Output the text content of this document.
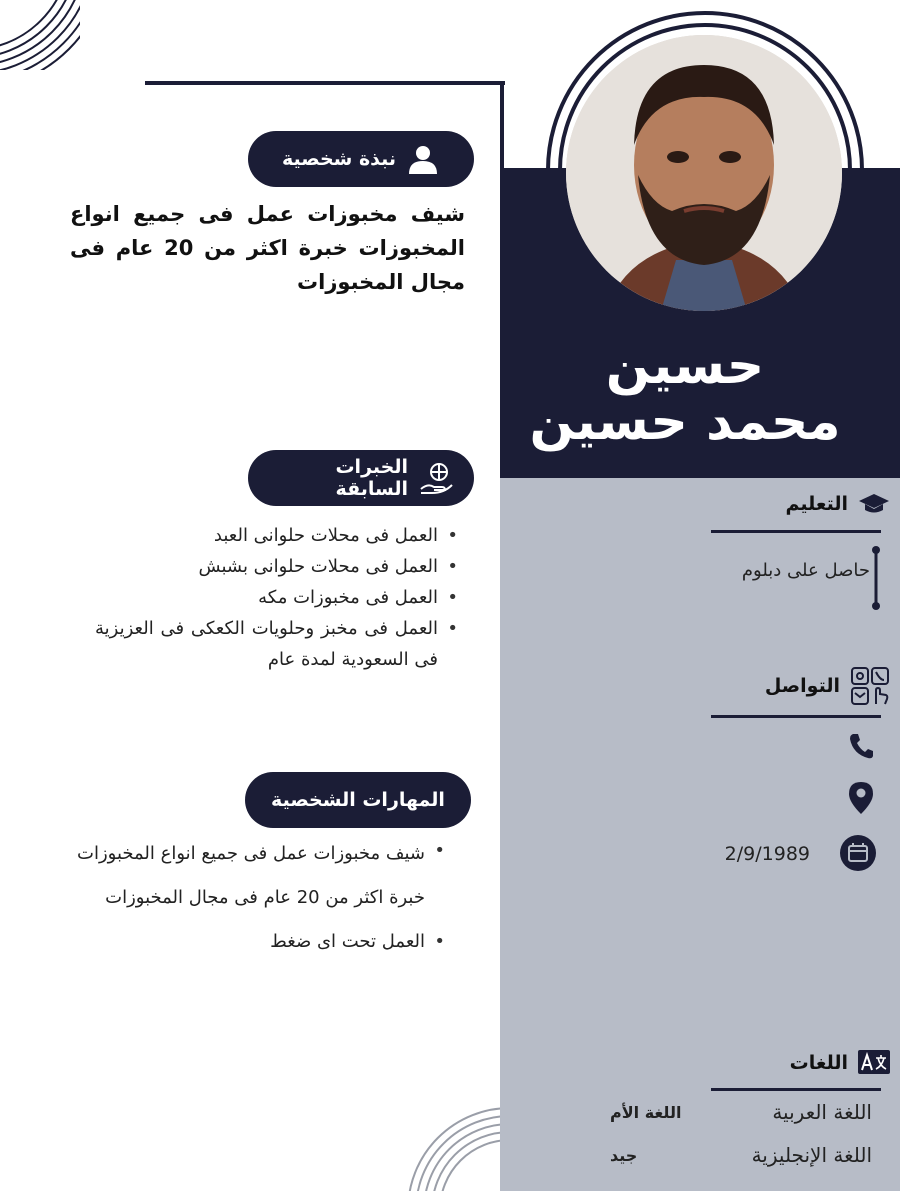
حسين
محمد حسين
نبذة شخصية
شيف مخبوزات عمل فى جميع انواع المخبوزات خبرة اكثر من 20 عام فى مجال المخبوزات
الخبرات السابقة
• العمل فى محلات حلوانى العبد
• العمل فى محلات حلوانى بشبش
• العمل فى مخبوزات مكه
• العمل فى مخبز وحلويات الكعكى فى العزيزية فى السعودية لمدة عام
المهارات الشخصية
• شيف مخبوزات عمل فى جميع انواع المخبوزات
خبرة اكثر من 20 عام فى مجال المخبوزات
• العمل تحت اى ضغط
التعليم
حاصل على دبلوم
التواصل
2/9/1989
اللغات
اللغة العربية
اللغة الأم
اللغة الإنجليزية
جيد
